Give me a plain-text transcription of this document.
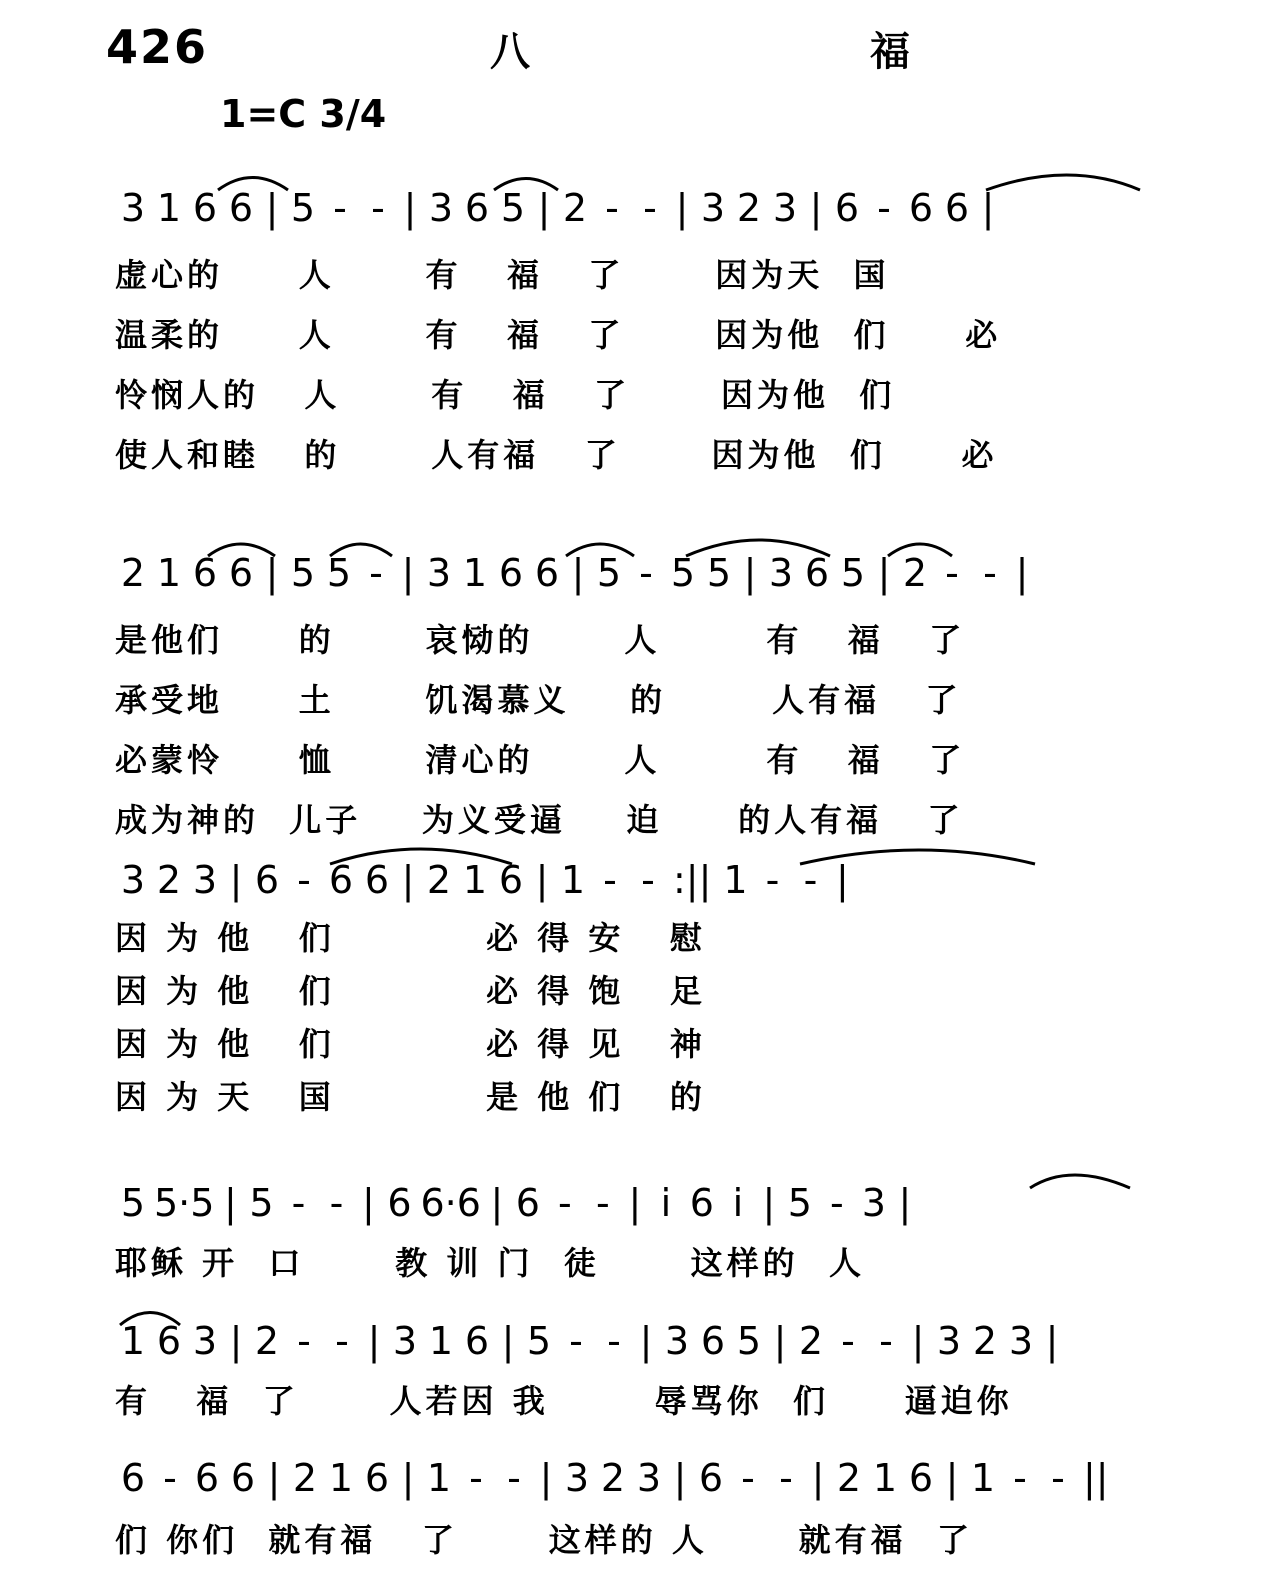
426	八　福
1=C 3/4
3 1 6 6 | 5 - - | 3 6 5 | 2 - - | 3 2 3 | 6 - 6 6 |
虚心的     人      有   福   了      因为天  国
温柔的     人      有   福   了      因为他  们     必
怜悯人的   人      有   福   了      因为他  们
使人和睦   的      人有福   了      因为他  们     必
2 1 6 6 | 5 5 - | 3 1 6 6 | 5 - 5 5 | 3 6 5 | 2 - - |
是他们     的      哀恸的      人       有   福   了
承受地     土      饥渴慕义    的       人有福   了
必蒙怜     恤      清心的      人       有   福   了
成为神的  儿子    为义受逼    迫     的人有福   了
3 2 3 | 6 - 6 6 | 2 1 6 | 1 - - :|| 1 - - |
因 为 他   们          必 得 安   慰
因 为 他   们          必 得 饱   足
因 为 他   们          必 得 见   神
因 为 天   国          是 他 们   的
5 5·5 | 5 - - | 6 6·6 | 6 - - | i 6 i | 5 - 3 |
耶稣 开  口      教 训 门  徒      这样的  人
1 6 3 | 2 - - | 3 1 6 | 5 - - | 3 6 5 | 2 - - | 3 2 3 |
有   福  了      人若因 我       辱骂你  们     逼迫你
6 - 6 6 | 2 1 6 | 1 - - | 3 2 3 | 6 - - | 2 1 6 | 1 - - ||
们 你们  就有福   了      这样的 人      就有福  了
